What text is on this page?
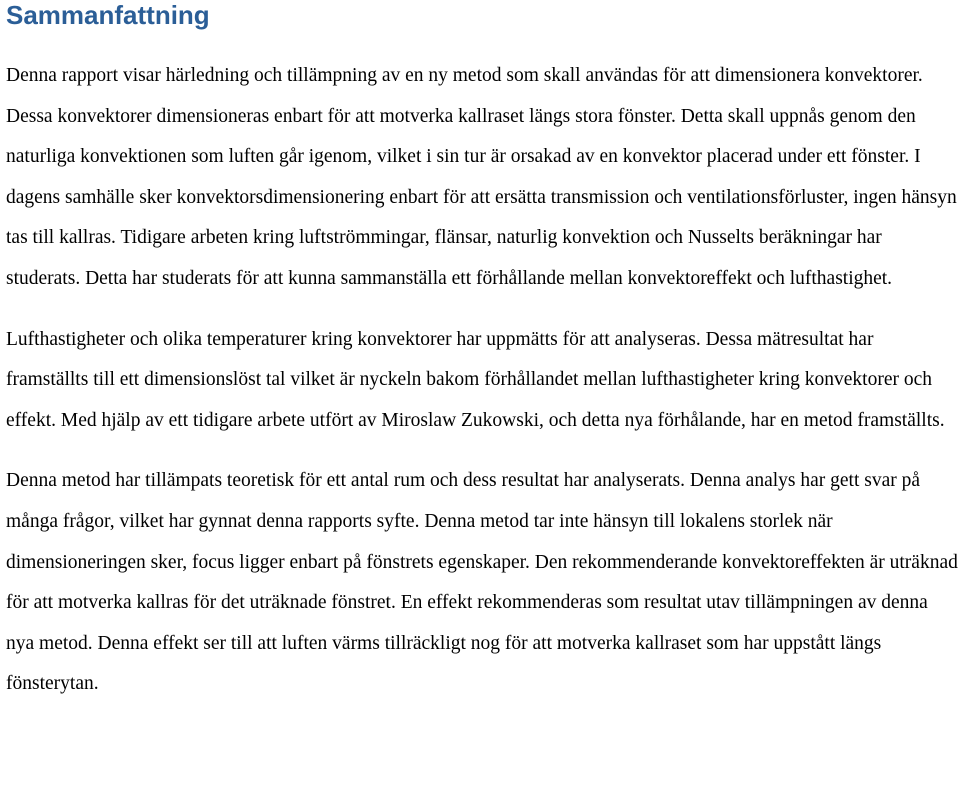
Sammanfattning

Denna rapport visar härledning och tillämpning av en ny metod som skall användas för att dimensionera konvektorer. Dessa konvektorer dimensioneras enbart för att motverka kallraset längs stora fönster. Detta skall uppnås genom den naturliga konvektionen som luften går igenom, vilket i sin tur är orsakad av en konvektor placerad under ett fönster. I dagens samhälle sker konvektorsdimensionering enbart för att ersätta transmission och ventilationsförluster, ingen hänsyn tas till kallras. Tidigare arbeten kring luftströmmingar, flänsar, naturlig konvektion och Nusselts beräkningar har studerats. Detta har studerats för att kunna sammanställa ett förhållande mellan konvektoreffekt och lufthastighet.

Lufthastigheter och olika temperaturer kring konvektorer har uppmätts för att analyseras. Dessa mätresultat har framställts till ett dimensionslöst tal vilket är nyckeln bakom förhållandet mellan lufthastigheter kring konvektorer och effekt. Med hjälp av ett tidigare arbete utfört av Miroslaw Zukowski, och detta nya förhålande, har en metod framställts.

Denna metod har tillämpats teoretisk för ett antal rum och dess resultat har analyserats. Denna analys har gett svar på många frågor, vilket har gynnat denna rapports syfte. Denna metod tar inte hänsyn till lokalens storlek när dimensioneringen sker, focus ligger enbart på fönstrets egenskaper. Den rekommenderande konvektoreffekten är uträknad för att motverka kallras för det uträknade fönstret. En effekt rekommenderas som resultat utav tillämpningen av denna nya metod. Denna effekt ser till att luften värms tillräckligt nog för att motverka kallraset som har uppstått längs fönsterytan.
